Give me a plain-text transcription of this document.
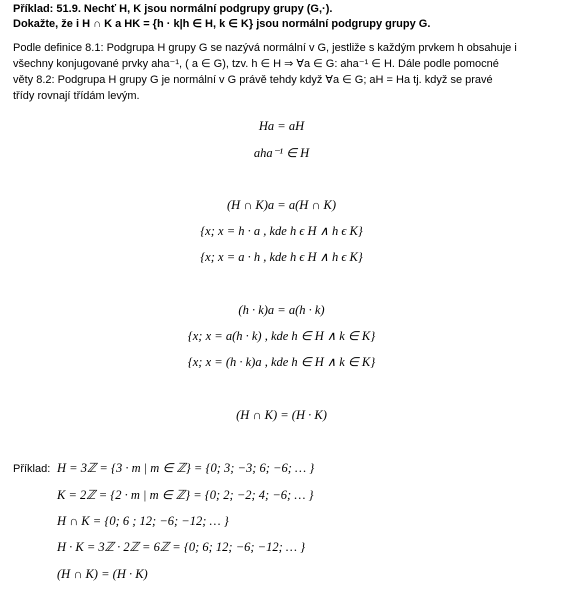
Příklad: 51.9. Nechť H, K jsou normální podgrupy grupy (G,·).
Dokažte, že i H ∩ K a HK = {h · k|h ∈ H, k ∈ K} jsou normální podgrupy grupy G.
Podle definice 8.1: Podgrupa H grupy G se nazývá normální v G, jestliže s každým prvkem h obsahuje i
všechny konjugované prvky aha⁻¹, ( a ∈ G), tzv. h ∈ H ⇒ ∀a ∈ G: aha⁻¹ ∈ H. Dále podle pomocné
věty 8.2: Podgrupa H grupy G je normální v G právě tehdy když ∀a ∈ G; aH = Ha tj. když se pravé
třídy rovnají třídám levým.
Ha = aH
aha⁻¹ ∈ H
(H ∩ K)a = a(H ∩ K)
{x; x = h · a , kde h ϵ H ∧ h ϵ K}
{x; x = a · h , kde h ϵ H ∧ h ϵ K}
(h · k)a = a(h · k)
{x; x = a(h · k) , kde h ∈ H ∧ k ∈ K}
{x; x = (h · k)a , kde h ∈ H ∧ k ∈ K}
(H ∩ K) = (H · K)
Příklad: H = 3ℤ = {3 · m | m ∈ ℤ} = {0; 3; −3; 6; −6; … }
K = 2ℤ = {2 · m | m ∈ ℤ} = {0; 2; −2; 4; −6; … }
H ∩ K = {0; 6 ; 12; −6; −12; … }
H · K = 3ℤ · 2ℤ = 6ℤ = {0; 6; 12; −6; −12; … }
(H ∩ K) = (H · K)
